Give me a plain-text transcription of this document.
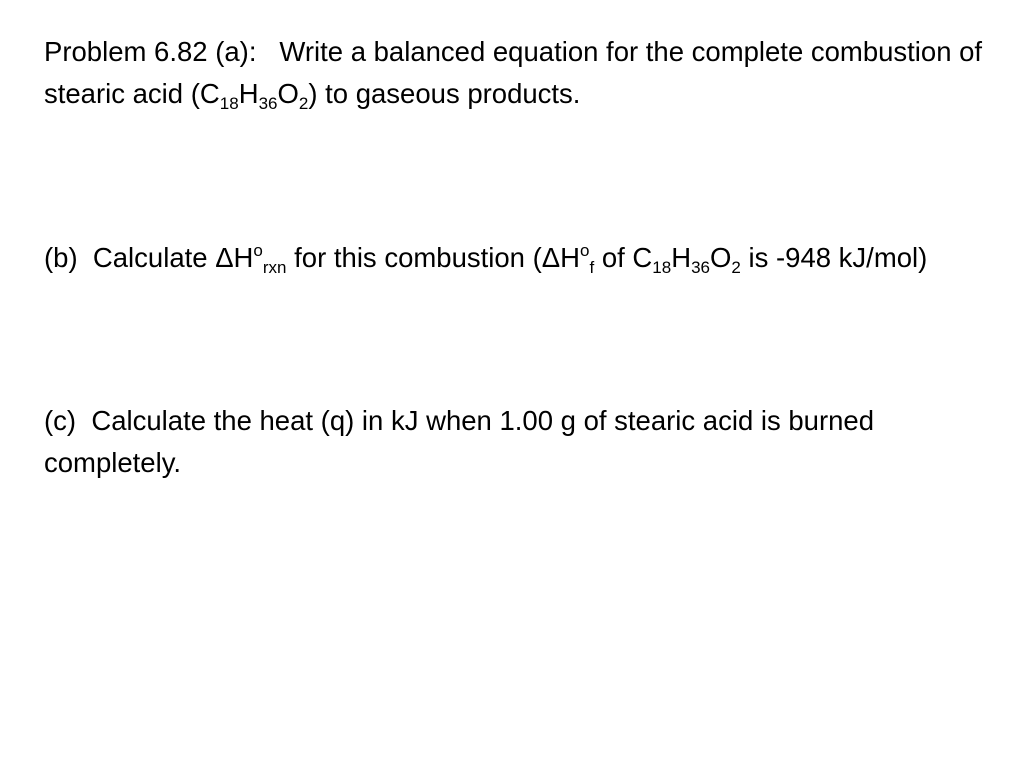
Problem 6.82 (a): Write a balanced equation for the complete combustion of stearic acid $(C_{18}H_{36}O_2)$ to gaseous products.
(b) Calculate $\Delta H^o_{rxn}$ for this combustion ($\Delta H^o_f$ of $C_{18}H_{36}O_2$ is -948 kJ/mol)
(c) Calculate the heat (q) in kJ when 1.00 g of stearic acid is burned completely.
